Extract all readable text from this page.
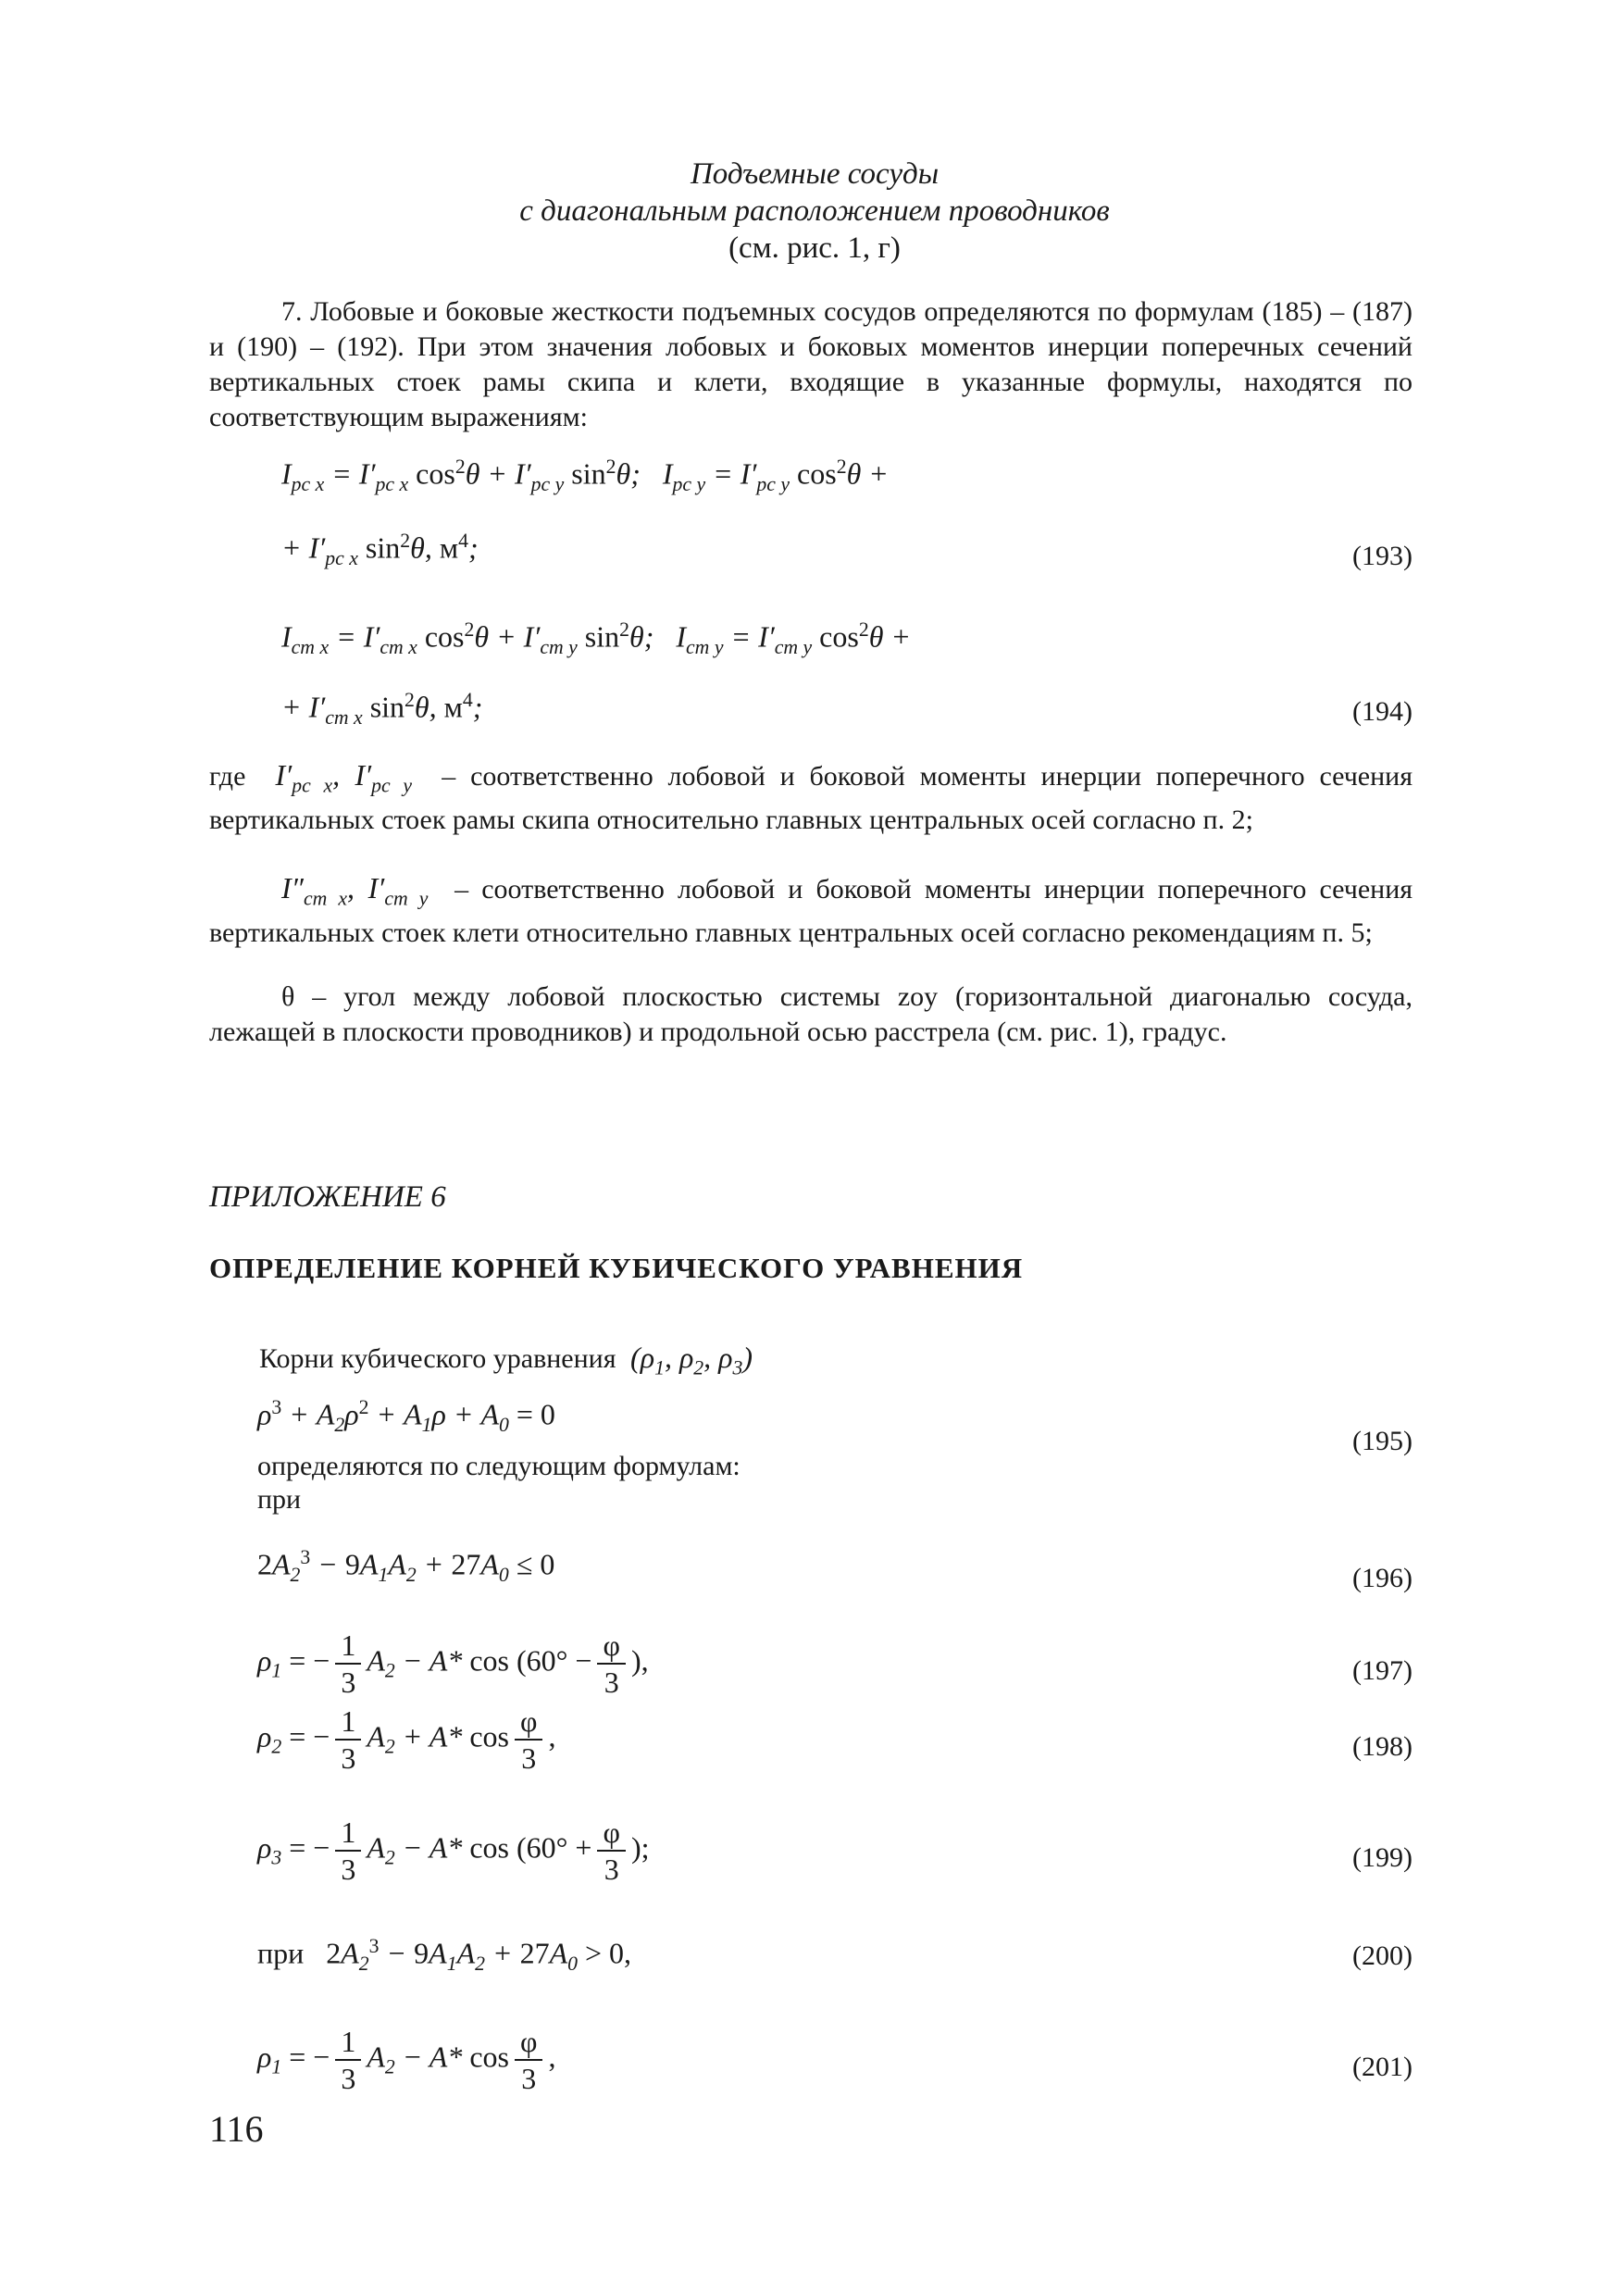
Подъемные сосуды
с диагональным расположением проводников
(см. рис. 1, г)
7. Лобовые и боковые жесткости подъемных сосудов определяются по формулам (185) – (187) и (190) – (192). При этом значения лобовых и боковых моментов инерции поперечных сечений вертикальных стоек рамы скипа и клети, входящие в указанные формулы, находятся по соответствующим выражениям:
$I_{рс x} = I'_{рс x}$ $\cos^2\theta + I'_{рс y}$ $\sin^2\theta$;   $I_{рс y} = I'_{рс y}$ $\cos^2\theta$ +
+ $I'_{рс x}$ $\sin^2\theta$, $м^4$;	(193)
$I_{ст x} = I'_{ст x}$ $\cos^2\theta + I'_{ст y}$ $\sin^2\theta$;   $I_{ст y} = I'_{ст y}$ $\cos^2\theta$ +
+ $I'_{ст x}$ $\sin^2\theta$, $м^4$;	(194)
где  $I'_{рс x}$, $I'_{рс y}$ – соответственно лобовой и боковой моменты инерции поперечного сечения вертикальных стоек рамы скипа относительно главных центральных осей согласно п. 2;
$I''_{ст x}$, $I'_{ст y}$ – соответственно лобовой и боковой моменты инерции поперечного сечения вертикальных стоек клети относительно главных центральных осей согласно рекомендациям п. 5;
θ – угол между лобовой плоскостью системы zoy (горизонтальной диагональю сосуда, лежащей в плоскости проводников) и продольной осью расстрела (см. рис. 1), градус.
ПРИЛОЖЕНИЕ 6
ОПРЕДЕЛЕНИЕ КОРНЕЙ КУБИЧЕСКОГО УРАВНЕНИЯ
Корни кубического уравнения  ($\rho_1$, $\rho_2$, $\rho_3$)
$\rho^3 + A_2\rho^2 + A_1\rho + A_0 = 0$
(195)
определяются по следующим формулам:
при
$2A_2^3 - 9A_1A_2 + 27A_0 \le 0$	(196)
$\rho_1$ = − $\frac{1}{3} A_2 - A*$ $\cos (60^\circ - \frac{\varphi}{3}$ ),	(197)
$\rho_2$ = − $\frac{1}{3} A_2 + A*$ $\cos \frac{\varphi}{3}$ ,	(198)
$\rho_3$ = − $\frac{1}{3} A_2 - A*$ $\cos (60^\circ + \frac{\varphi}{3}$ );	(199)
при $2A_2^3 - 9A_1A_2 + 27A_0 > 0$,	(200)
$\rho_1$ = − $\frac{1}{3} A_2 - A*$ $\cos \frac{\varphi}{3}$ ,	(201)
116
